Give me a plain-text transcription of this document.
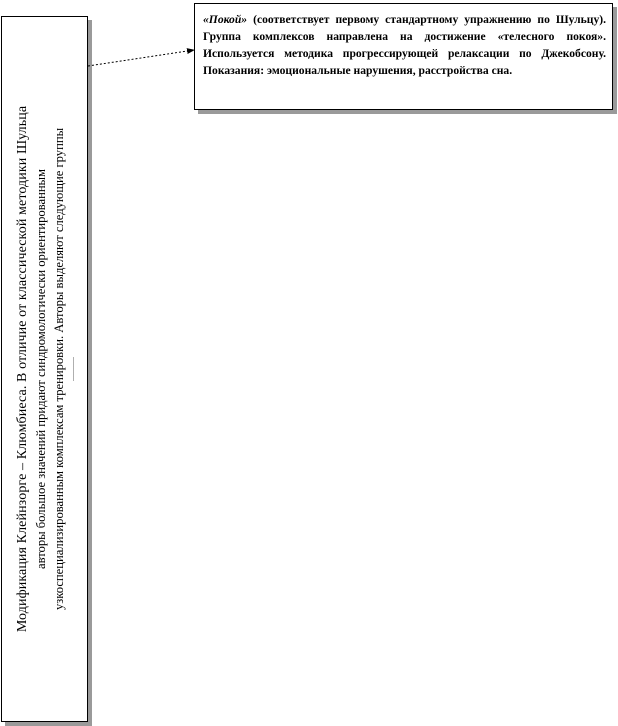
Модификация Клейнзорге – Клюмбиеса. В отличие от классической методики Шульца авторы большое значений придают синдромологически ориентированным узкоспециализированным комплексам тренировки. Авторы выделяют следующие группы ............
«Покой» (соответствует первому стандартному упражнению по Шульцу). Группа комплексов направлена на достижение «телесного покоя». Используется методика прогрессирующей релаксации по Джекобсону. Показания: эмоциональные нарушения, расстройства сна.
